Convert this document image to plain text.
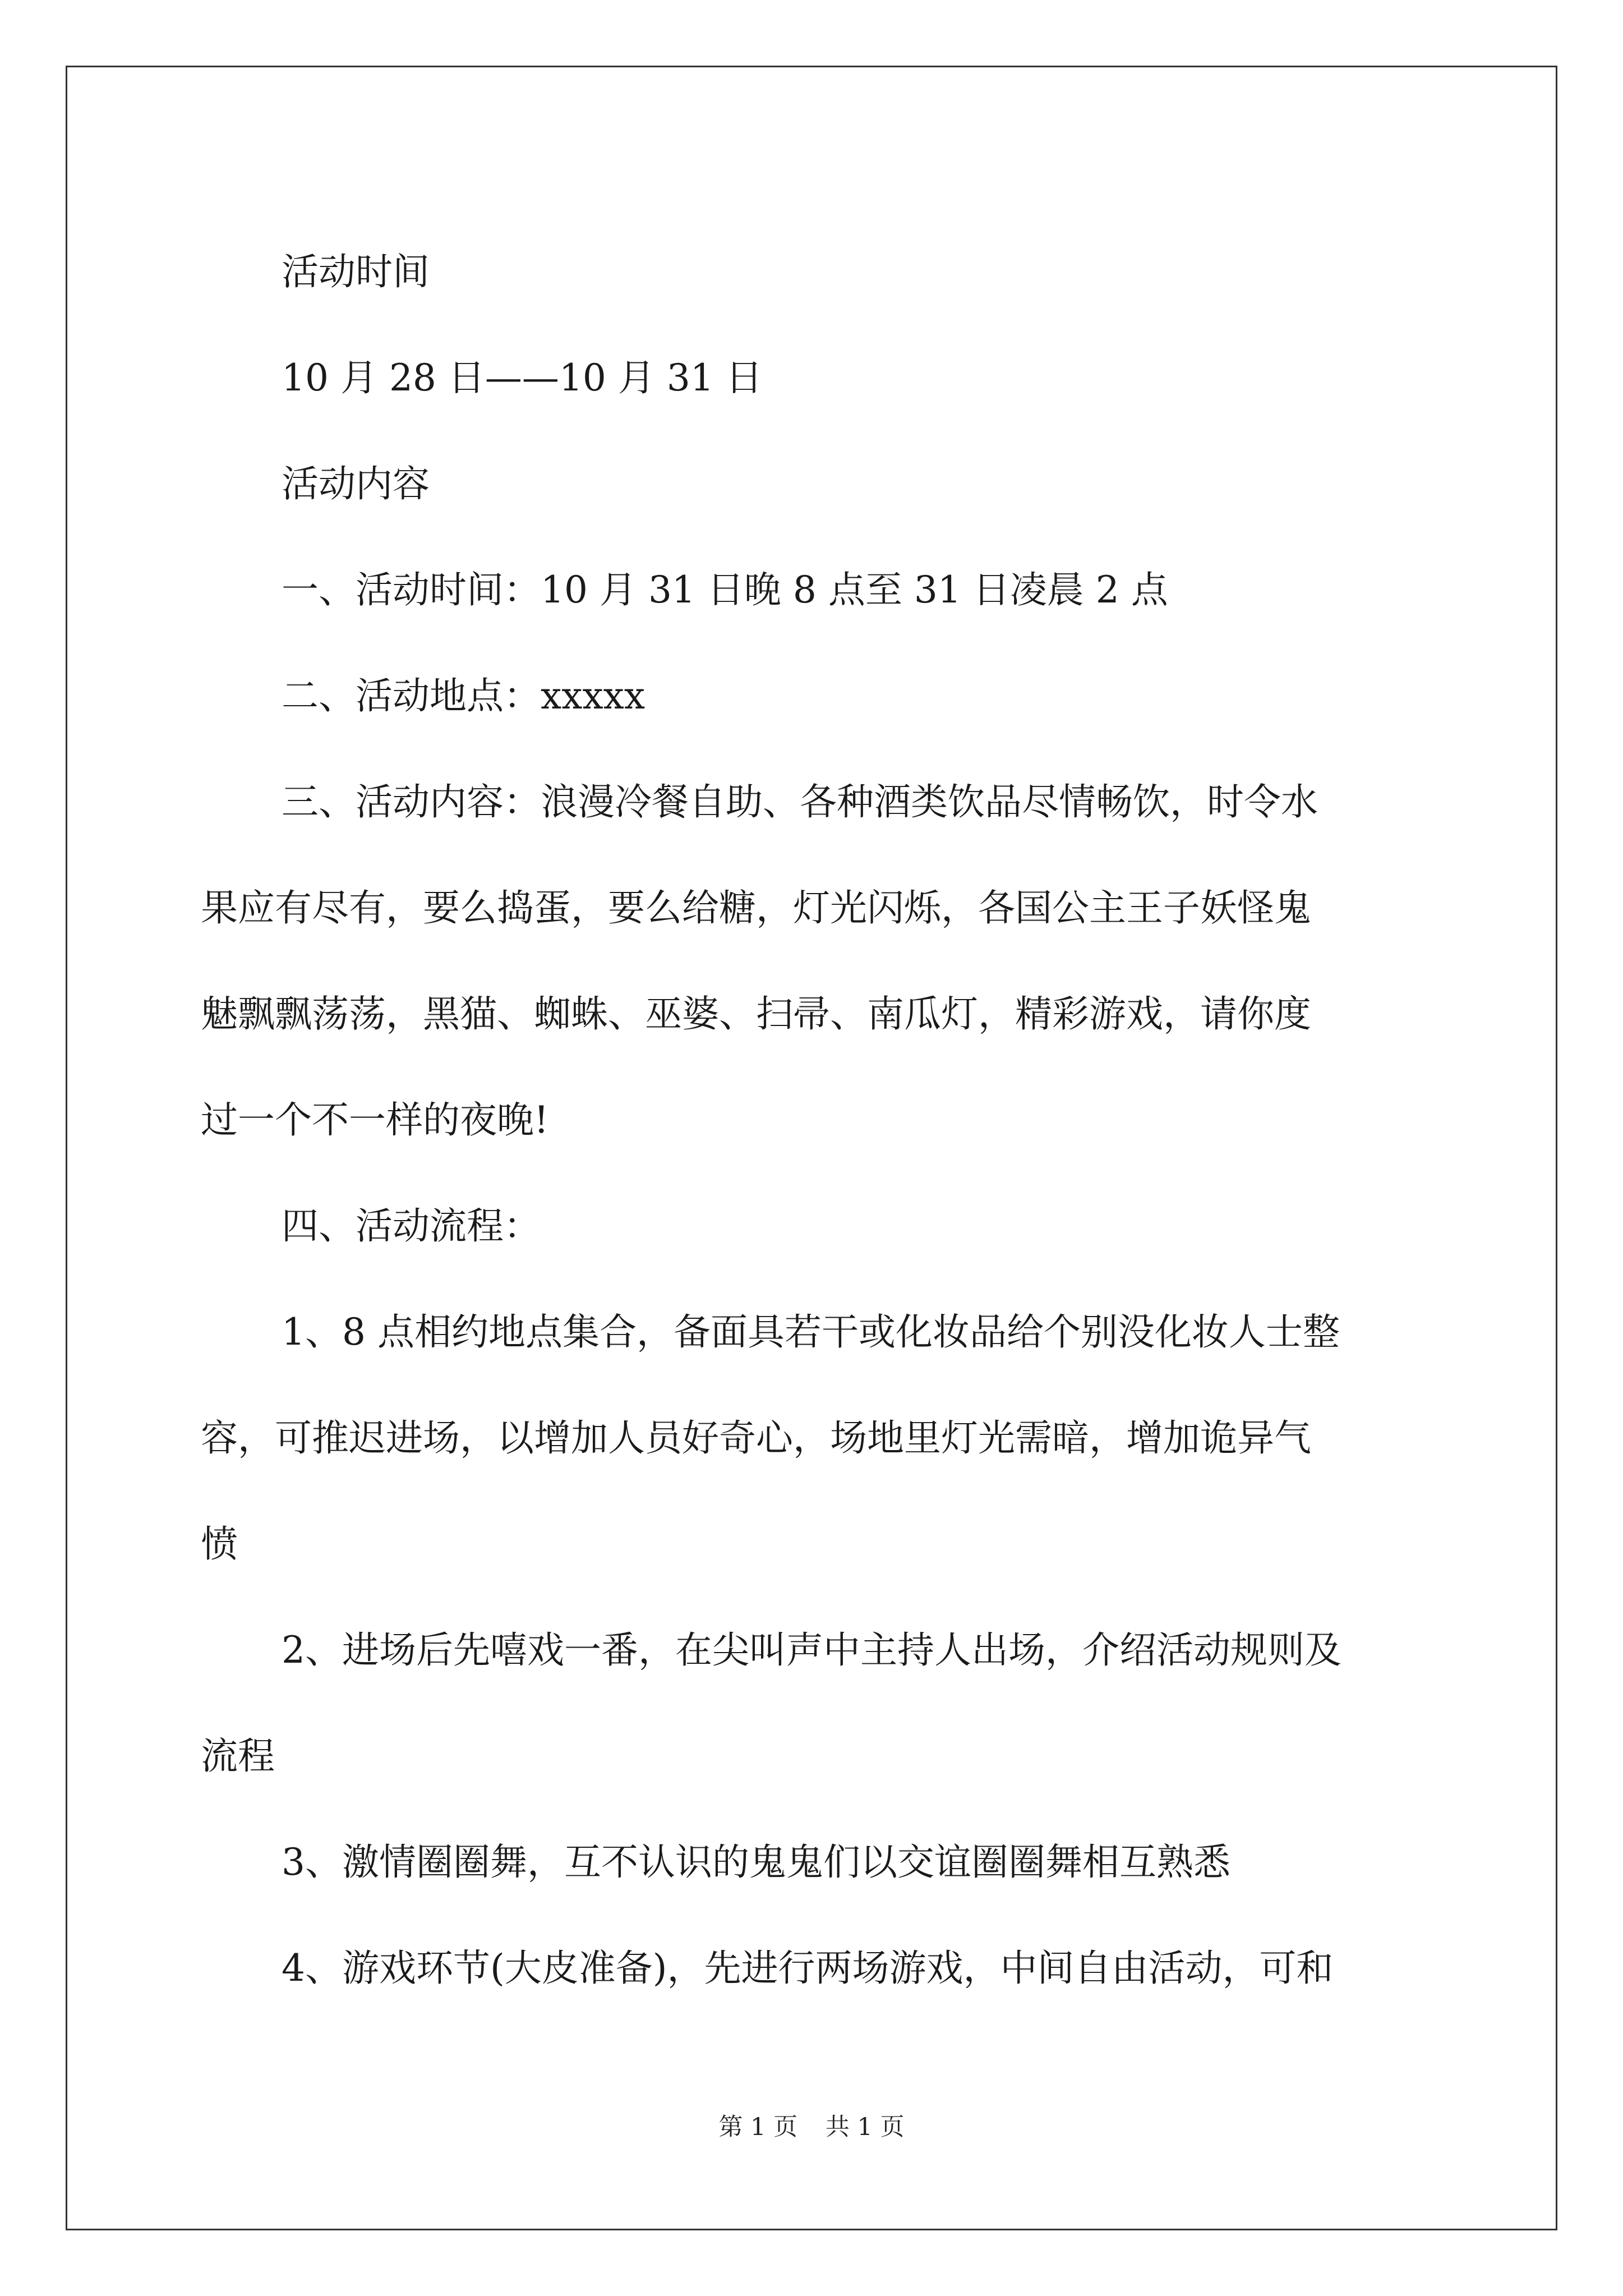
活动时间
10 月 28 日——10 月 31 日
活动内容
一、活动时间：10 月 31 日晚 8 点至 31 日凌晨 2 点
二、活动地点：xxxxx
三、活动内容：浪漫冷餐自助、各种酒类饮品尽情畅饮，时令水
果应有尽有，要么捣蛋，要么给糖，灯光闪烁，各国公主王子妖怪鬼
魅飘飘荡荡，黑猫、蜘蛛、巫婆、扫帚、南瓜灯，精彩游戏，请你度
过一个不一样的夜晚!
四、活动流程：
1、8 点相约地点集合，备面具若干或化妆品给个别没化妆人士整
容，可推迟进场，以增加人员好奇心，场地里灯光需暗，增加诡异气
愤
2、进场后先嘻戏一番，在尖叫声中主持人出场，介绍活动规则及
流程
3、激情圈圈舞，互不认识的鬼鬼们以交谊圈圈舞相互熟悉
4、游戏环节(大皮准备)，先进行两场游戏，中间自由活动，可和
第 1 页 共 1 页
